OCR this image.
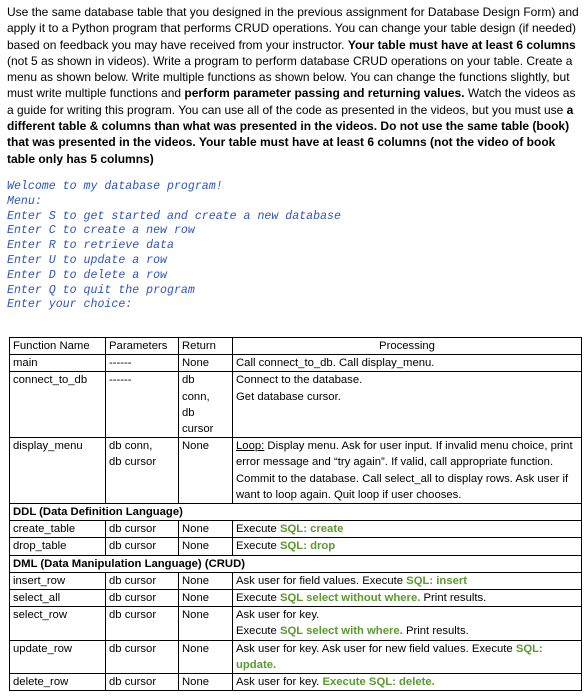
Use the same database table that you designed in the previous assignment for Database Design Form) and apply it to a Python program that performs CRUD operations. You can change your table design (if needed) based on feedback you may have received from your instructor. Your table must have at least 6 columns (not 5 as shown in videos). Write a program to perform database CRUD operations on your table. Create a menu as shown below. Write multiple functions as shown below. You can change the functions slightly, but must write multiple functions and perform parameter passing and returning values. Watch the videos as a guide for writing this program. You can use all of the code as presented in the videos, but you must use a different table & columns than what was presented in the videos. Do not use the same table (book) that was presented in the videos. Your table must have at least 6 columns (not the video of book table only has 5 columns)

Welcome to my database program!
Menu:
Enter S to get started and create a new database
Enter C to create a new row
Enter R to retrieve data
Enter U to update a row
Enter D to delete a row
Enter Q to quit the program
Enter your choice:
Function Name	Parameters	Return	Processing
main	------	None	Call connect_to_db. Call display_menu.
connect_to_db	------	db
conn,
db
cursor	Connect to the database.
Get database cursor.
display_menu	db conn,
db cursor	None	Loop: Display menu. Ask for user input. If invalid menu choice, print error message and “try again”. If valid, call appropriate function. Commit to the database. Call select_all to display rows. Ask user if want to loop again. Quit loop if user chooses.
DDL (Data Definition Language)			
create_table	db cursor	None	Execute SQL: create
drop_table	db cursor	None	Execute SQL: drop
DML (Data Manipulation Language) (CRUD)			
insert_row	db cursor	None	Ask user for field values. Execute SQL: insert
select_all	db cursor	None	Execute SQL select without where. Print results.
select_row	db cursor	None	Ask user for key.
Execute SQL select with where. Print results.
update_row	db cursor	None	Ask user for key. Ask user for new field values. Execute SQL: update.
delete_row	db cursor	None	Ask user for key. Execute SQL: delete.
